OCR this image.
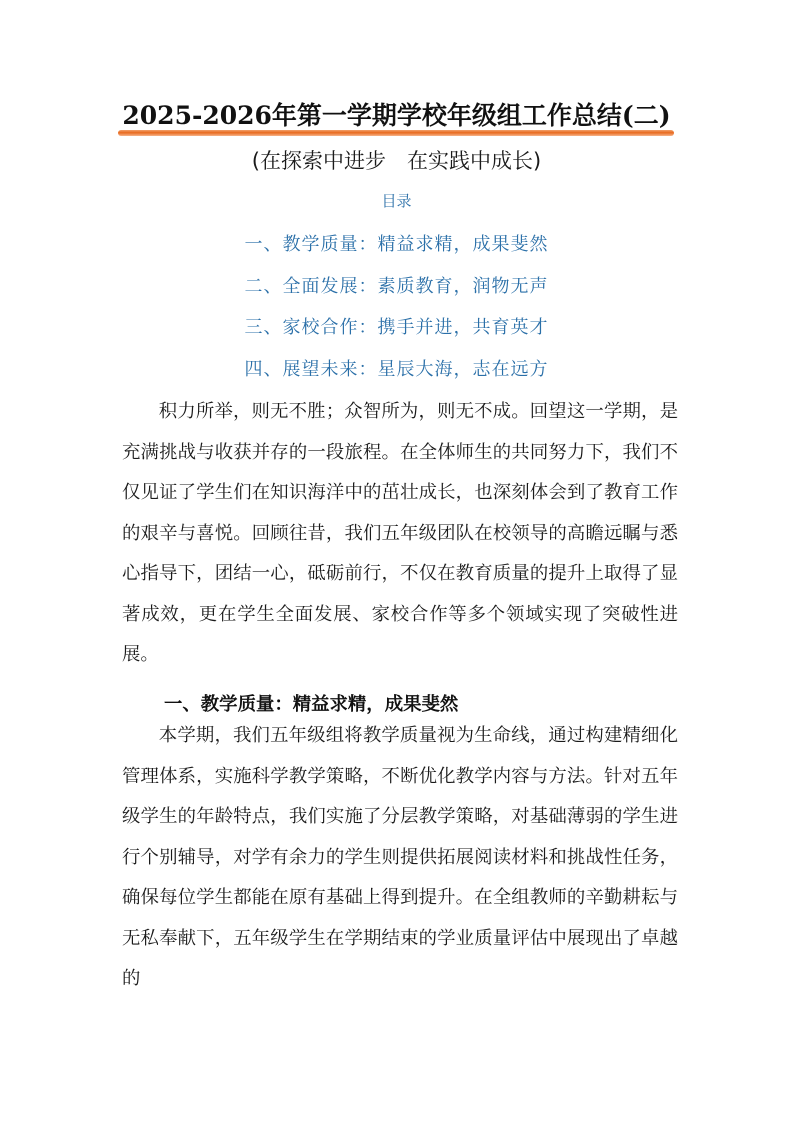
2025-2026年第一学期学校年级组工作总结(二)
(在探索中进步　在实践中成长)
目录
一、教学质量：精益求精，成果斐然
二、全面发展：素质教育，润物无声
三、家校合作：携手并进，共育英才
四、展望未来：星辰大海，志在远方

积力所举，则无不胜；众智所为，则无不成。回望这一学期，是充满挑战与收获并存的一段旅程。在全体师生的共同努力下，我们不仅见证了学生们在知识海洋中的茁壮成长，也深刻体会到了教育工作的艰辛与喜悦。回顾往昔，我们五年级团队在校领导的高瞻远瞩与悉心指导下，团结一心，砥砺前行，不仅在教育质量的提升上取得了显著成效，更在学生全面发展、家校合作等多个领域实现了突破性进展。

一、教学质量：精益求精，成果斐然

本学期，我们五年级组将教学质量视为生命线，通过构建精细化管理体系，实施科学教学策略，不断优化教学内容与方法。针对五年级学生的年龄特点，我们实施了分层教学策略，对基础薄弱的学生进行个别辅导，对学有余力的学生则提供拓展阅读材料和挑战性任务，确保每位学生都能在原有基础上得到提升。在全组教师的辛勤耕耘与无私奉献下，五年级学生在学期结束的学业质量评估中展现出了卓越的
